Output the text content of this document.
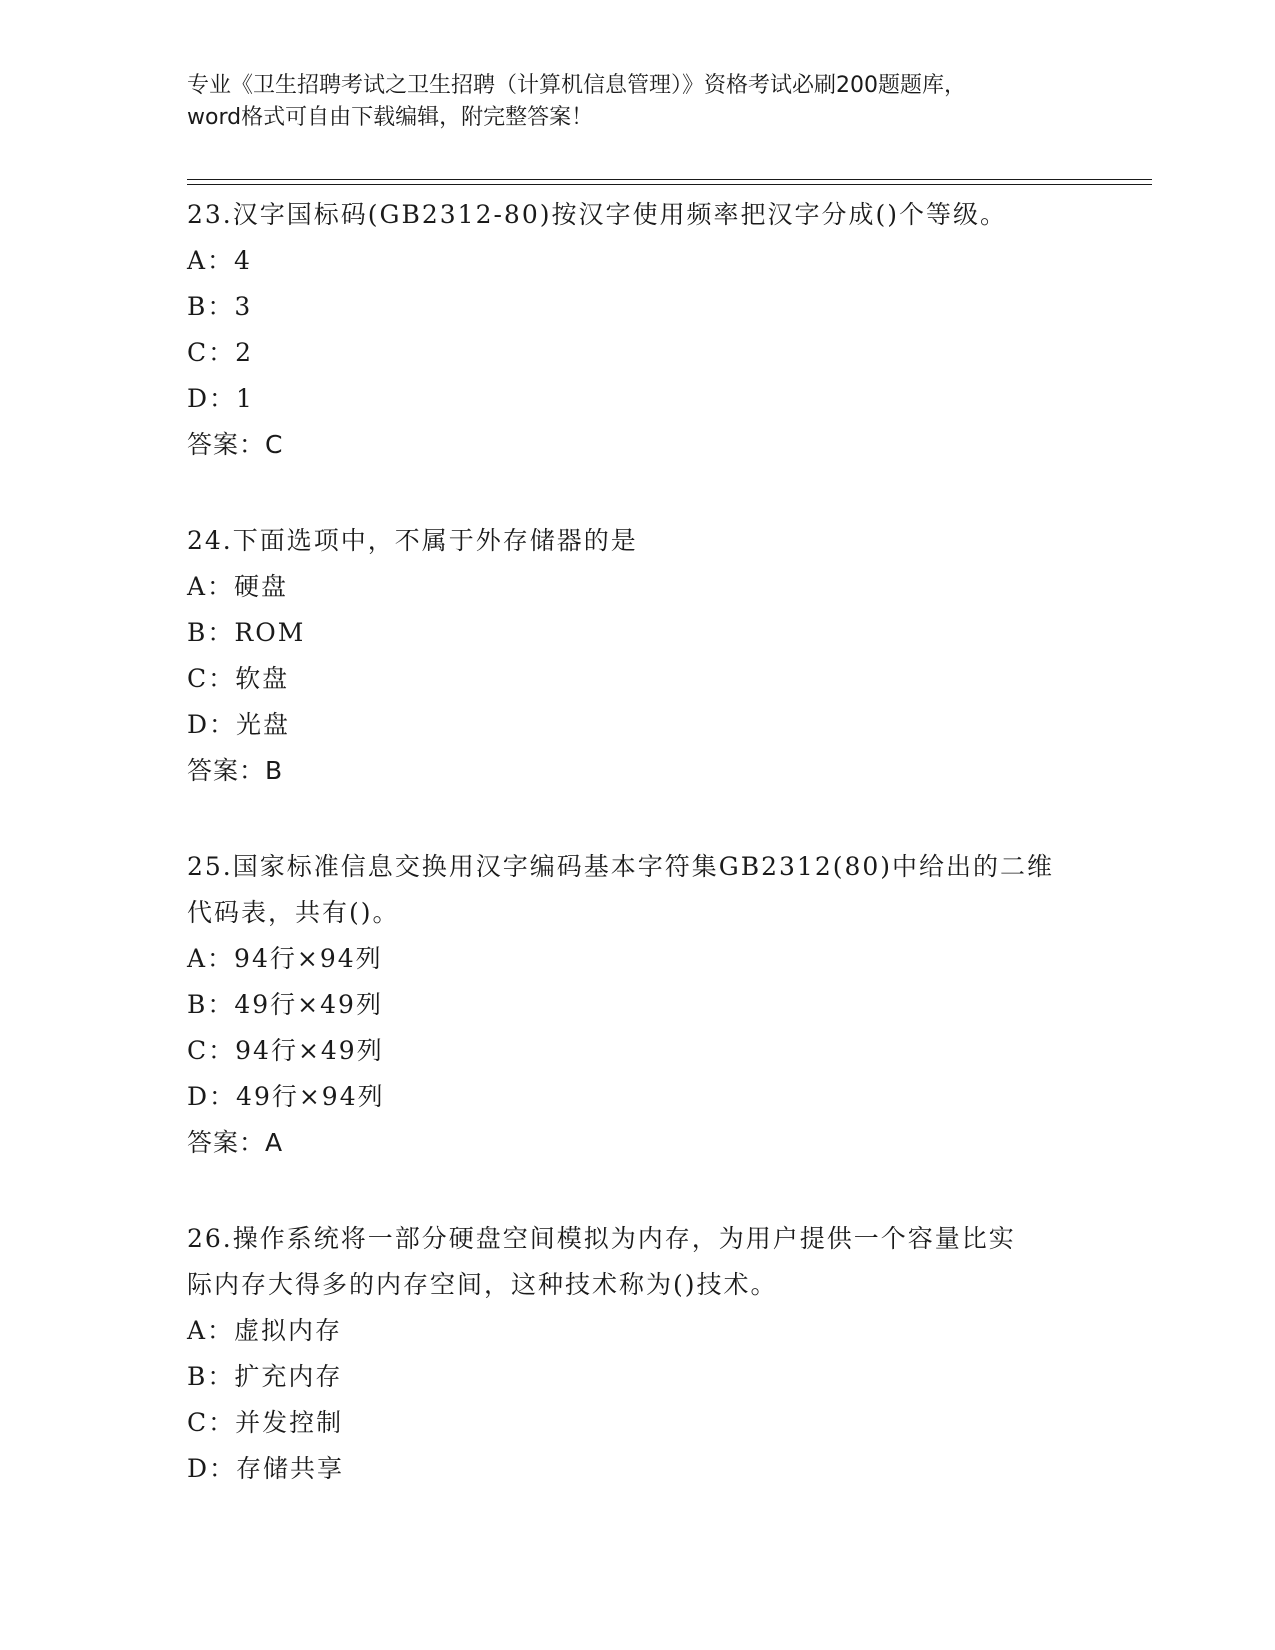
专业《卫生招聘考试之卫生招聘（计算机信息管理）》资格考试必刷200题题库，

word格式可自由下载编辑，附完整答案！

23.汉字国标码(GB2312-80)按汉字使用频率把汉字分成()个等级。

A：4

B：3

C：2

D：1

答案：C

24.下面选项中，不属于外存储器的是

A：硬盘

B：ROM

C：软盘

D：光盘

答案：B

25.国家标准信息交换用汉字编码基本字符集GB2312(80)中给出的二维

代码表，共有()。

A：94行×94列

B：49行×49列

C：94行×49列

D：49行×94列

答案：A

26.操作系统将一部分硬盘空间模拟为内存，为用户提供一个容量比实

际内存大得多的内存空间，这种技术称为()技术。

A：虚拟内存

B：扩充内存

C：并发控制

D：存储共享
